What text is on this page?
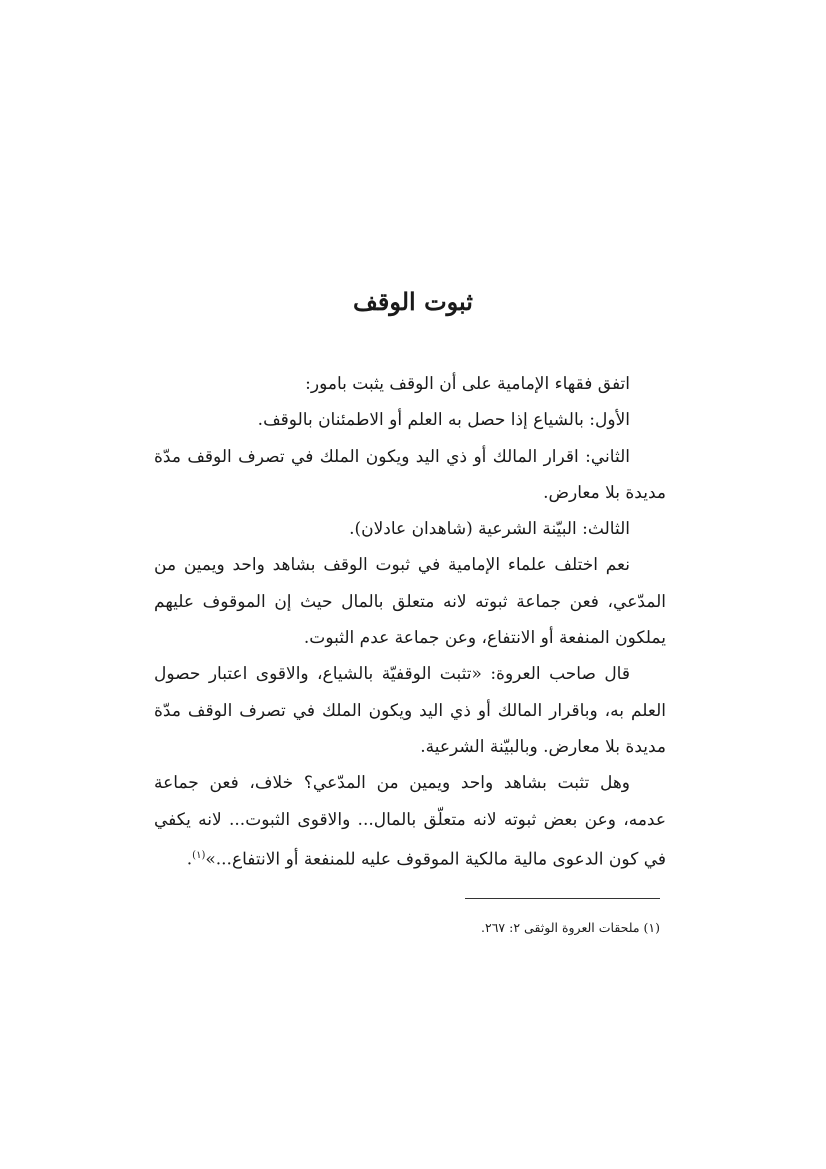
ثبوت الوقف

اتفق فقهاء الإمامية على أن الوقف يثبت بامور:

الأول: بالشياع إذا حصل به العلم أو الاطمئنان بالوقف.

الثاني: اقرار المالك أو ذي اليد ويكون الملك في تصرف الوقف مدّة مديدة بلا معارض.

الثالث: البيّنة الشرعية (شاهدان عادلان).

نعم اختلف علماء الإمامية في ثبوت الوقف بشاهد واحد ويمين من المدّعي، فعن جماعة ثبوته لانه متعلق بالمال حيث إن الموقوف عليهم يملكون المنفعة أو الانتفاع، وعن جماعة عدم الثبوت.

قال صاحب العروة: «تثبت الوقفيّة بالشياع، والاقوى اعتبار حصول العلم به، وباقرار المالك أو ذي اليد ويكون الملك في تصرف الوقف مدّة مديدة بلا معارض. وبالبيّنة الشرعية.

وهل تثبت بشاهد واحد ويمين من المدّعي؟ خلاف، فعن جماعة عدمه، وعن بعض ثبوته لانه متعلّق بالمال... والاقوى الثبوت... لانه يكفي في كون الدعوى مالية مالكية الموقوف عليه للمنفعة أو الانتفاع...»$^{(١)}$.

(١) ملحقات العروة الوثقى ٢: ٢٦٧.
